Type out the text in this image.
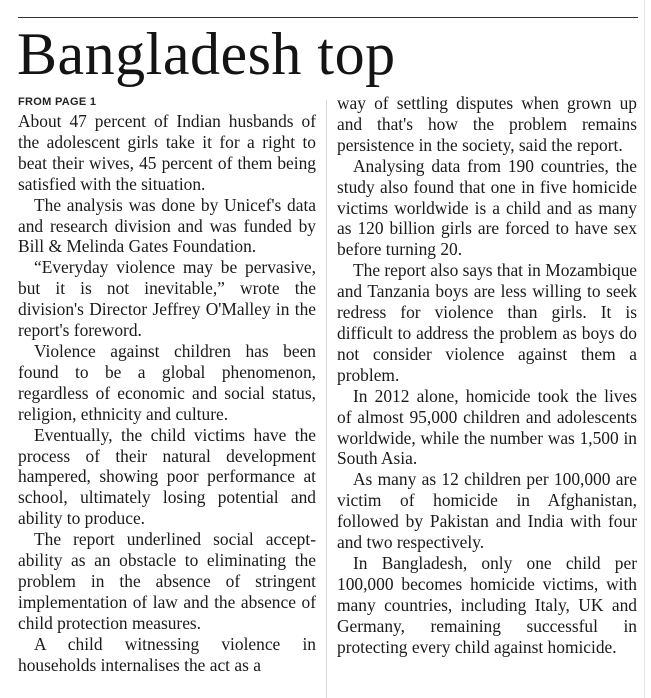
Bangladesh top
FROM PAGE 1

About 47 percent of Indian husbands of the adolescent girls take it for a right to beat their wives, 45 percent of them being satisfied with the situation.

The analysis was done by Unicef's data and research division and was funded by Bill & Melinda Gates Foundation.

“Everyday violence may be pervasive, but it is not inevitable,” wrote the division's Director Jeffrey O'Malley in the report's foreword.

Violence against children has been found to be a global phenomenon, regardless of economic and social status, religion, ethnicity and culture.

Eventually, the child victims have the process of their natural development hampered, showing poor performance at school, ultimately losing potential and ability to produce.

The report underlined social acceptability as an obstacle to eliminating the problem in the absence of stringent implementation of law and the absence of child protection measures.

A child witnessing violence in households internalises the act as a

way of settling disputes when grown up and that's how the problem remains persistence in the society, said the report.

Analysing data from 190 countries, the study also found that one in five homicide victims worldwide is a child and as many as 120 billion girls are forced to have sex before turning 20.

The report also says that in Mozambique and Tanzania boys are less willing to seek redress for violence than girls. It is difficult to address the problem as boys do not consider violence against them a problem.

In 2012 alone, homicide took the lives of almost 95,000 children and adolescents worldwide, while the number was 1,500 in South Asia.

As many as 12 children per 100,000 are victim of homicide in Afghanistan, followed by Pakistan and India with four and two respectively.

In Bangladesh, only one child per 100,000 becomes homicide victims, with many countries, including Italy, UK and Germany, remaining successful in protecting every child against homicide.
